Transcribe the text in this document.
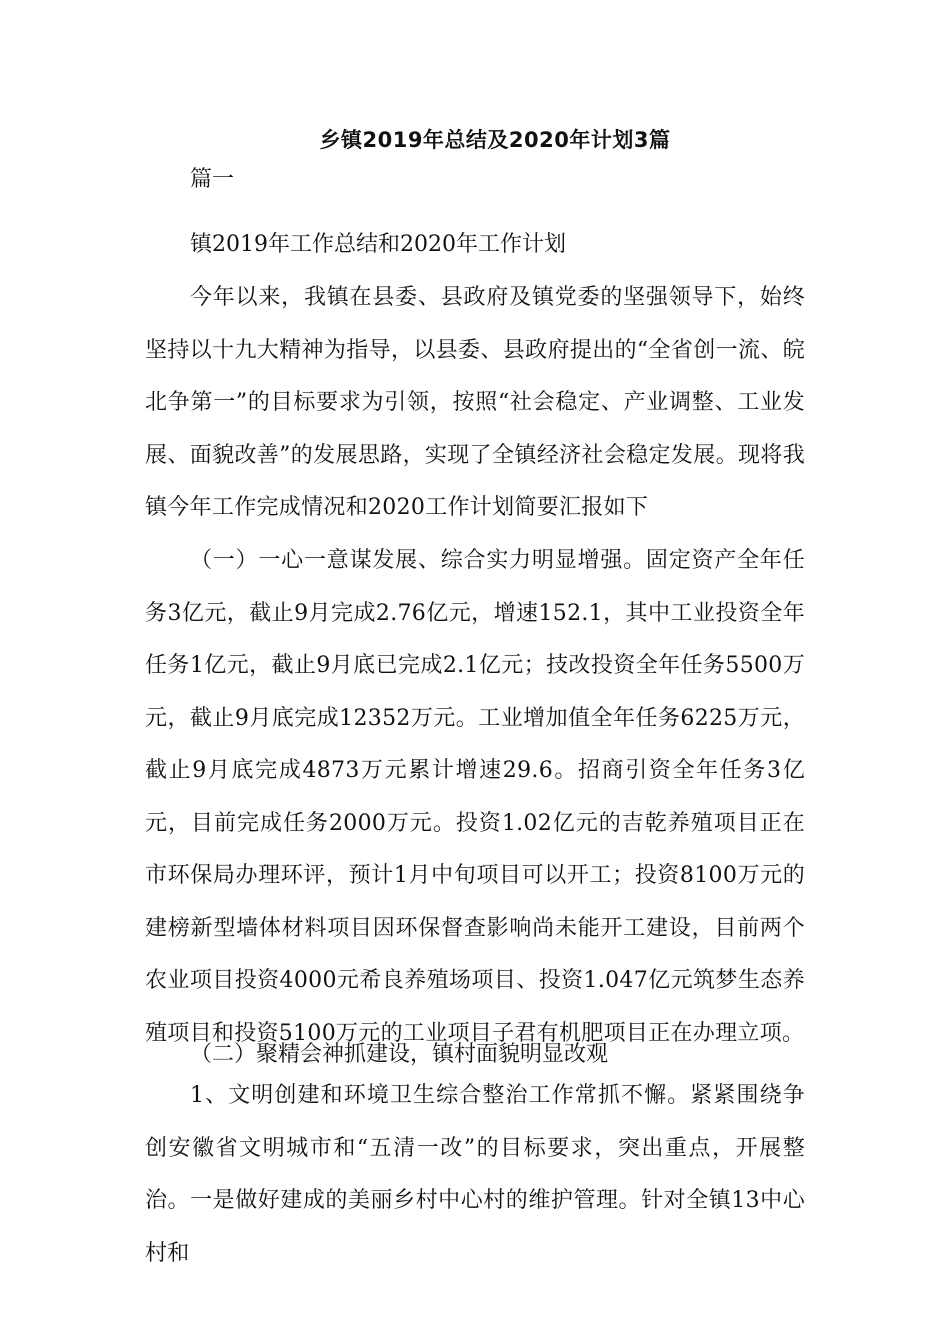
乡镇2019年总结及2020年计划3篇
篇一
镇2019年工作总结和2020年工作计划
今年以来，我镇在县委、县政府及镇党委的坚强领导下，始终坚持以十九大精神为指导，以县委、县政府提出的“全省创一流、皖北争第一”的目标要求为引领，按照“社会稳定、产业调整、工业发展、面貌改善”的发展思路，实现了全镇经济社会稳定发展。现将我镇今年工作完成情况和2020工作计划简要汇报如下
（一）一心一意谋发展、综合实力明显增强。固定资产全年任务3亿元，截止9月完成2.76亿元，增速152.1，其中工业投资全年任务1亿元，截止9月底已完成2.1亿元；技改投资全年任务5500万元，截止9月底完成12352万元。工业增加值全年任务6225万元，截止9月底完成4873万元累计增速29.6。招商引资全年任务3亿元，目前完成任务2000万元。投资1.02亿元的吉乾养殖项目正在市环保局办理环评，预计1月中旬项目可以开工；投资8100万元的建榜新型墙体材料项目因环保督查影响尚未能开工建设，目前两个农业项目投资4000元希良养殖场项目、投资1.047亿元筑梦生态养殖项目和投资5100万元的工业项目子君有机肥项目正在办理立项。
（二）聚精会神抓建设，镇村面貌明显改观
1、文明创建和环境卫生综合整治工作常抓不懈。紧紧围绕争创安徽省文明城市和“五清一改”的目标要求，突出重点，开展整治。一是做好建成的美丽乡村中心村的维护管理。针对全镇13中心村和
